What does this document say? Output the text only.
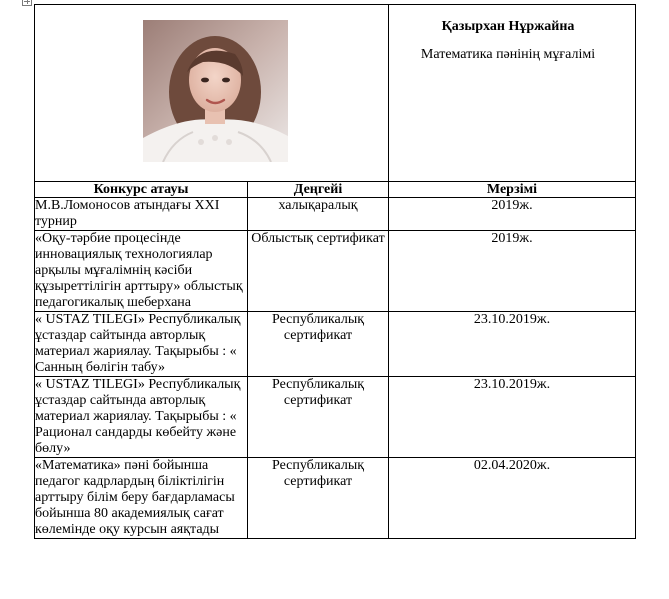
Қазырхан Нұржайна
Математика пәнінің мұғалімі

Конкурс атауы	Деңгейі	Мерзімі
М.В.Ломоносов атындағы XXI турнир	халықаралық	2019ж.
«Оқу-тәрбие процесінде инновациялық технологиялар арқылы мұғалімнің кәсіби құзыреттілігін арттыру» облыстық педагогикалық шеберхана	Облыстық сертификат	2019ж.
« USTAZ TILEGI» Республикалық ұстаздар сайтында авторлық материал жариялау. Тақырыбы : « Санның бөлігін табу»	Республикалық сертификат	23.10.2019ж.
« USTAZ TILEGI» Республикалық ұстаздар сайтында авторлық материал жариялау. Тақырыбы : « Рационал сандарды көбейту және бөлу»	Республикалық сертификат	23.10.2019ж.
«Математика» пәні бойынша педагог кадрлардың біліктілігін арттыру білім беру бағдарламасы бойынша 80 академиялық сағат көлемінде оқу курсын аяқтады	Республикалық сертификат	02.04.2020ж.
